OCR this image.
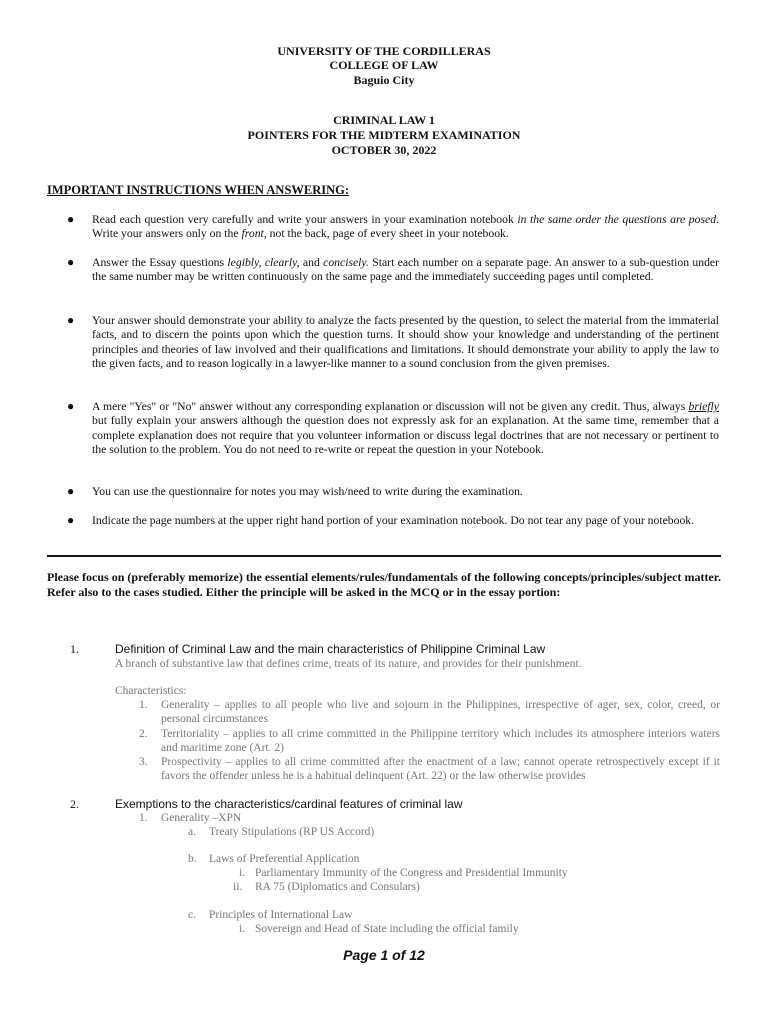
UNIVERSITY OF THE CORDILLERAS
COLLEGE OF LAW
Baguio City
CRIMINAL LAW 1
POINTERS FOR THE MIDTERM EXAMINATION
OCTOBER 30, 2022
IMPORTANT INSTRUCTIONS WHEN ANSWERING:
● Read each question very carefully and write your answers in your examination notebook in the same order the questions are posed. Write your answers only on the front, not the back, page of every sheet in your notebook.
● Answer the Essay questions legibly, clearly, and concisely. Start each number on a separate page. An answer to a sub-question under the same number may be written continuously on the same page and the immediately succeeding pages until completed.
● Your answer should demonstrate your ability to analyze the facts presented by the question, to select the material from the immaterial facts, and to discern the points upon which the question turns. It should show your knowledge and understanding of the pertinent principles and theories of law involved and their qualifications and limitations. It should demonstrate your ability to apply the law to the given facts, and to reason logically in a lawyer-like manner to a sound conclusion from the given premises.
● A mere "Yes" or "No" answer without any corresponding explanation or discussion will not be given any credit. Thus, always briefly but fully explain your answers although the question does not expressly ask for an explanation. At the same time, remember that a complete explanation does not require that you volunteer information or discuss legal doctrines that are not necessary or pertinent to the solution to the problem. You do not need to re-write or repeat the question in your Notebook.
● You can use the questionnaire for notes you may wish/need to write during the examination.
● Indicate the page numbers at the upper right hand portion of your examination notebook. Do not tear any page of your notebook.
Please focus on (preferably memorize) the essential elements/rules/fundamentals of the following concepts/principles/subject matter. Refer also to the cases studied. Either the principle will be asked in the MCQ or in the essay portion:
1.	Definition of Criminal Law and the main characteristics of Philippine Criminal Law
A branch of substantive law that defines crime, treats of its nature, and provides for their punishment.
Characteristics:
1. Generality – applies to all people who live and sojourn in the Philippines, irrespective of ager, sex, color, creed, or personal circumstances
2. Territoriality – applies to all crime committed in the Philippine territory which includes its atmosphere interiors waters and maritime zone (Art. 2)
3. Prospectivity – applies to all crime committed after the enactment of a law; cannot operate retrospectively except if it favors the offender unless he is a habitual delinquent (Art. 22) or the law otherwise provides
2.	Exemptions to the characteristics/cardinal features of criminal law
1. Generality –XPN
a. Treaty Stipulations (RP US Accord)
b. Laws of Preferential Application
i. Parliamentary Immunity of the Congress and Presidential Immunity
ii. RA 75 (Diplomatics and Consulars)
c. Principles of International Law
i. Sovereign and Head of State including the official family
Page 1 of 12
